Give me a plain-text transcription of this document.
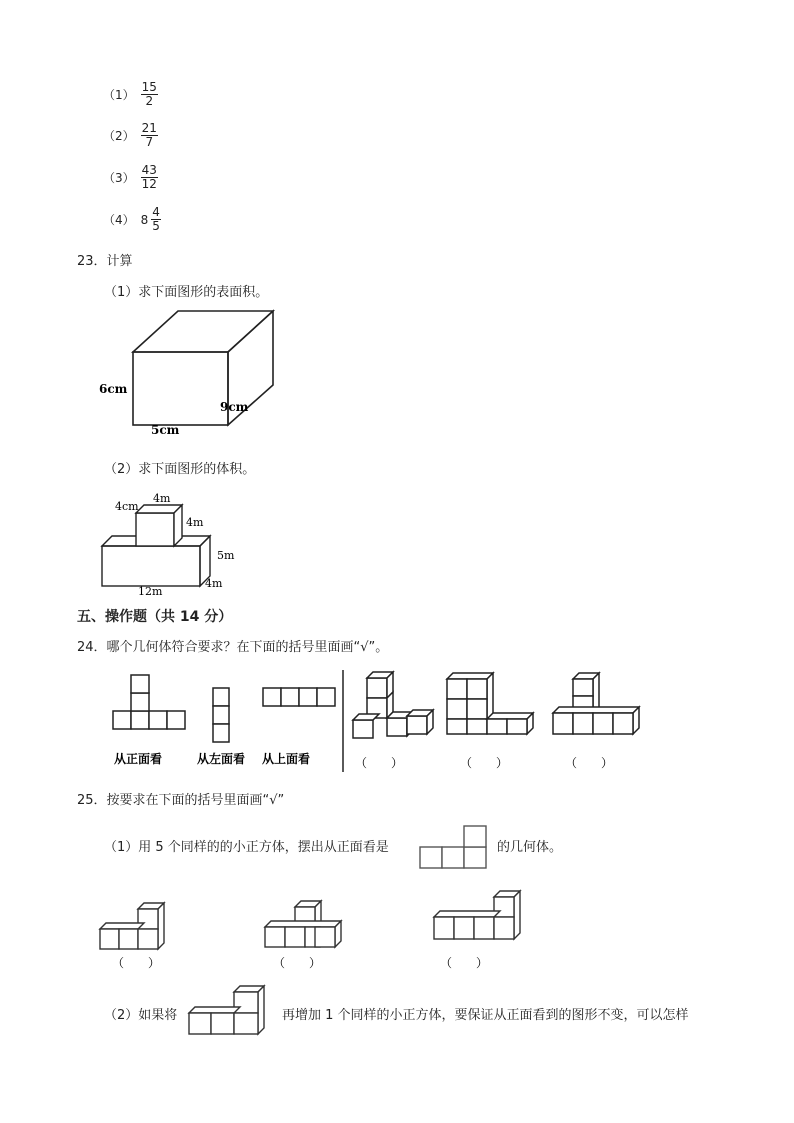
$(1) \frac{15}{2}$
$(2) \frac{21}{7}$
$(3) \frac{43}{12}$
（4） $8 \frac{4}{5}$
23．计算
（1）求下面图形的表面积。
6cm
9cm
5cm
（2）求下面图形的体积。
4cm
4m
4m
5m
4m
12m
五、操作题（共 14 分）
24．哪个几何体符合要求？在下面的括号里面画“√”。
从正面看	从左面看 从上面看	（　　）	（　　）	（　　）
25．按要求在下面的括号里面画“√”
（1）用 5 个同样的的小正方体，摆出从正面看是	的几何体。
（　　）	（　　）	（　　）
（2）如果将	再增加 1 个同样的小正方体，要保证从正面看到的图形不变，可以怎样
